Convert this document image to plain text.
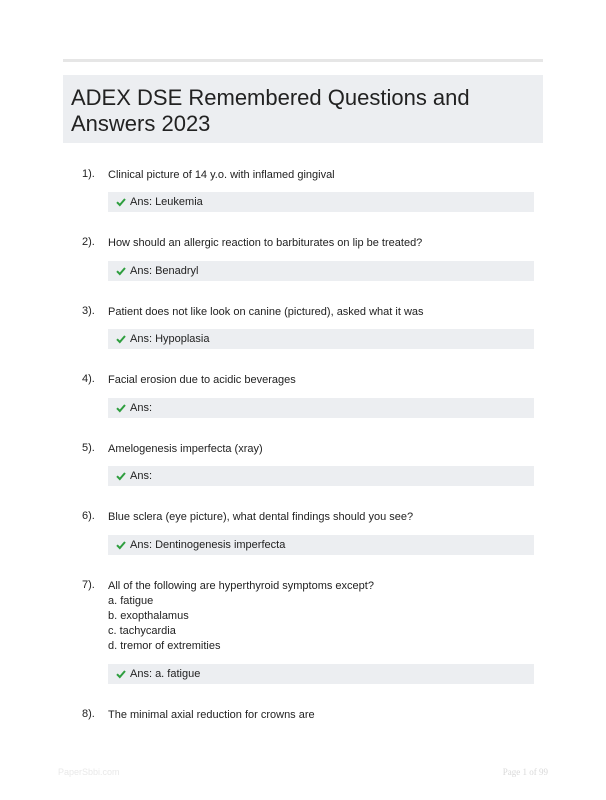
ADEX DSE Remembered Questions and Answers 2023
1). Clinical picture of 14 y.o. with inflamed gingival
Ans: Leukemia
2). How should an allergic reaction to barbiturates on lip be treated?
Ans: Benadryl
3). Patient does not like look on canine (pictured), asked what it was
Ans: Hypoplasia
4). Facial erosion due to acidic beverages
Ans:
5). Amelogenesis imperfecta (xray)
Ans:
6). Blue sclera (eye picture), what dental findings should you see?
Ans: Dentinogenesis imperfecta
7). All of the following are hyperthyroid symptoms except?
a. fatigue
b. exopthalamus
c. tachycardia
d. tremor of extremities
Ans: a. fatigue
8). The minimal axial reduction for crowns are
PaperSbbi.com	Page 1 of 99
